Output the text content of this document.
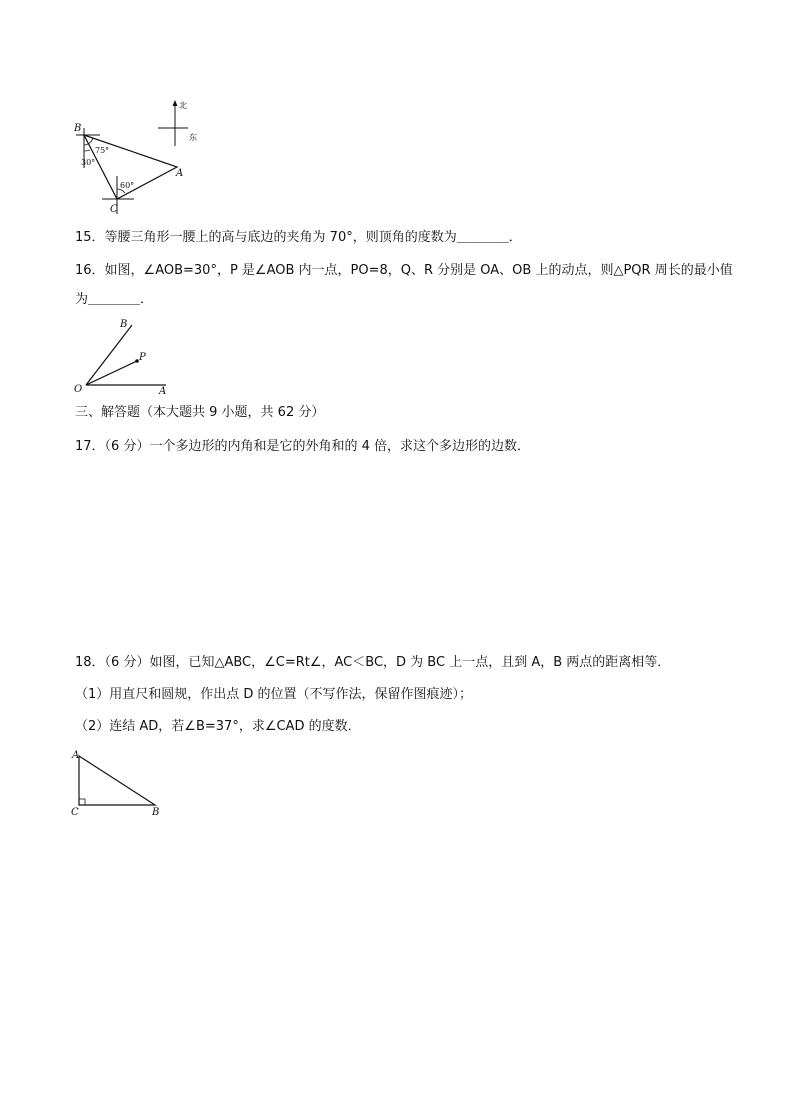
北
东
B
A
C
75°
30°
60°
15．等腰三角形一腰上的高与底边的夹角为 70°，则顶角的度数为＿＿＿＿．
16．如图，∠AOB=30°，P 是∠AOB 内一点，PO=8，Q、R 分别是 OA、OB 上的动点，则△PQR 周长的最小值
为＿＿＿＿．
B
P
O	A
三、解答题（本大题共 9 小题，共 62 分）
17．（6 分）一个多边形的内角和是它的外角和的 4 倍，求这个多边形的边数．
18．（6 分）如图，已知△ABC，∠C=Rt∠，AC＜BC，D 为 BC 上一点，且到 A，B 两点的距离相等．
（1）用直尺和圆规，作出点 D 的位置（不写作法，保留作图痕迹）；
（2）连结 AD，若∠B=37°，求∠CAD 的度数．
A
C	B
